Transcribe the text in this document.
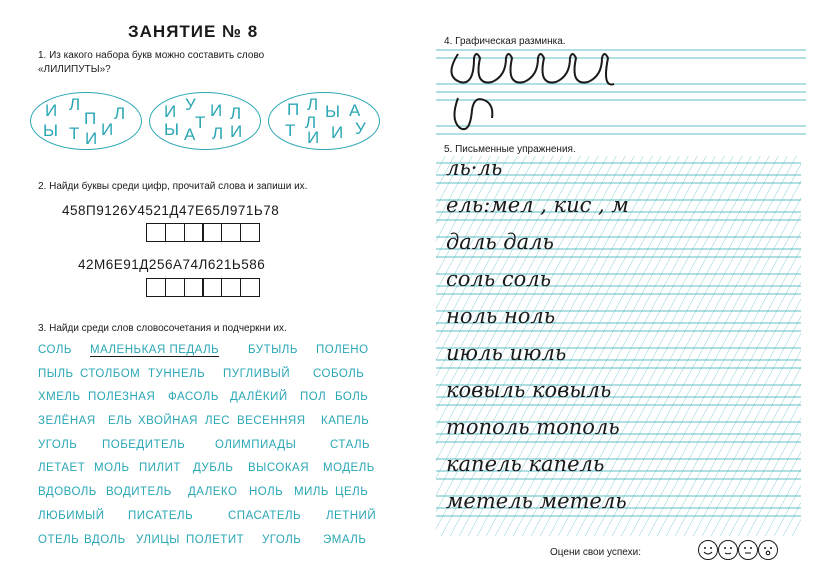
ЗАНЯТИЕ № 8
1. Из какого набора букв можно составить слово
«ЛИЛИПУТЫ»?
И Л
П
Ы
Л
И
Т И
И У И
Т Л
Ы А Л И
П Л Ы А
Т Л
И И У
2. Найди буквы среди цифр, прочитай слова и запиши их.
458П9126У4521Д47Е65Л971Ь78
42М6Е91Д256А74Л621Ь586
3. Найди среди слов словосочетания и подчеркни их.
СОЛЬ МАЛЕНЬКАЯ ПЕДАЛЬ	БУТЫЛЬ ПОЛЕНО
ПЫЛЬ СТОЛБОМ ТУННЕЛЬ ПУГЛИВЫЙ СОБОЛЬ
ХМЕЛЬ ПОЛЕЗНАЯ ФАСОЛЬ ДАЛЁКИЙ ПОЛ БОЛЬ
ЗЕЛЁНАЯ ЕЛЬ ХВОЙНАЯ ЛЕС ВЕСЕННЯЯ КАПЕЛЬ
УГОЛЬ ПОБЕДИТЕЛЬ	ОЛИМПИАДЫ	СТАЛЬ
ЛЕТАЕТ МОЛЬ ПИЛИТ ДУБЛЬ ВЫСОКАЯ МОДЕЛЬ
ВДОВОЛЬ ВОДИТЕЛЬ ДАЛЕКО НОЛЬ МИЛЬ ЦЕЛЬ
ЛЮБИМЫЙ ПИСАТЕЛЬ	СПАСАТЕЛЬ ЛЕТНИЙ
ОТЕЛЬ ВДОЛЬ УЛИЦЫ ПОЛЕТИТ УГОЛЬ ЭМАЛЬ
4. Графическая разминка.
5. Письменные упражнения.
ль·ль
ель:мел , кис , м
даль даль
соль соль
ноль ноль
июль июль
ковыль ковыль
тополь тополь
капель капель
метель метель
Оцени свои успехи:
